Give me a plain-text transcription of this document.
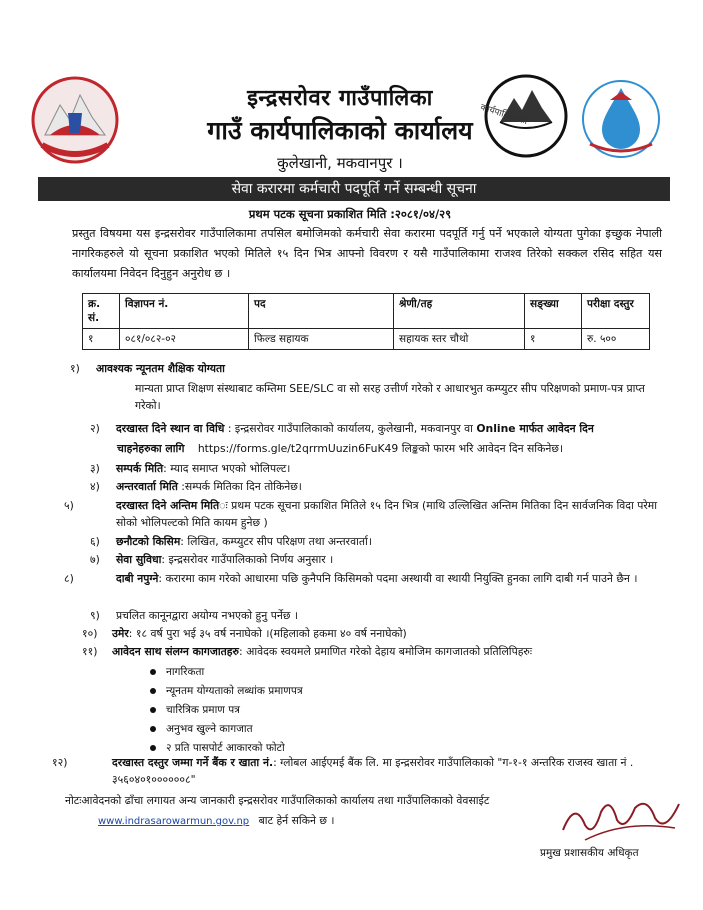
इन्द्रसरोवर गाउँपालिका
गाउँ कार्यपालिकाको कार्यालय
कुलेखानी, मकवानपुर ।
कार्यपालिकाको
सेवा करारमा कर्मचारी पदपूर्ति गर्ने सम्बन्धी सूचना
प्रथम पटक सूचना प्रकाशित मिति :२०८१/०४/२९
प्रस्तुत विषयमा यस इन्द्रसरोवर गाउँपालिकामा तपसिल बमोजिमको कर्मचारी सेवा करारमा पदपूर्ति गर्नु पर्ने भएकाले योग्यता पुगेका इच्छुक नेपाली नागरिकहरुले यो सूचना प्रकाशित भएको मितिले १५ दिन भित्र आफ्नो विवरण र यसै गाउँपालिकामा राजश्व तिरेको सक्कल रसिद सहित यस कार्यालयमा निवेदन दिनुहुन अनुरोध छ ।
क्र. सं.	विज्ञापन नं.	पद	श्रेणी/तह	सङ्ख्या	परीक्षा दस्तुर
१	०८१/०८२-०२	फिल्ड सहायक	सहायक स्तर चौथो	१	रु. ५००
१) आवश्यक न्यूनतम शैक्षिक योग्यता
मान्यता प्राप्त शिक्षण संस्थाबाट कम्तिमा SEE/SLC वा सो सरह उत्तीर्ण गरेको र आधारभुत कम्प्युटर सीप परिक्षणको प्रमाण-पत्र प्राप्त गरेको।
२) दरखास्त दिने स्थान वा विधि : इन्द्रसरोवर गाउँपालिकाको कार्यालय, कुलेखानी, मकवानपुर वा Online मार्फत आवेदन दिन
चाहनेहरुका लागि https://forms.gle/t2qrrmUuzin6FuK49 लिङ्कको फारम भरि आवेदन दिन सकिनेछ।
३) सम्पर्क मिति: म्याद समाप्त भएको भोलिपल्ट।
४) अन्तरवार्ता मिति :सम्पर्क मितिका दिन तोकिनेछ।
५)	दरखास्त दिने अन्तिम मितिः प्रथम पटक सूचना प्रकाशित मितिले १५ दिन भित्र (माथि उल्लिखित अन्तिम मितिका दिन सार्वजनिक विदा परेमा सोको भोलिपल्टको मिति कायम हुनेछ )
६) छनौटको किसिम: लिखित, कम्प्युटर सीप परिक्षण तथा अन्तरवार्ता।
७) सेवा सुविधा: इन्द्रसरोवर गाउँपालिकाको निर्णय अनुसार ।
८)	दाबी नपुग्ने: करारमा काम गरेको आधारमा पछि कुनैपनि किसिमको पदमा अस्थायी वा स्थायी नियुक्ति हुनका लागि दाबी गर्न पाउने छैन ।
९) प्रचलित कानूनद्वारा अयोग्य नभएको हुनु पर्नेछ ।
१०) उमेर: १८ वर्ष पुरा भई ३५ वर्ष ननाघेको ।(महिलाको हकमा ४० वर्ष ननाघेको)
११) आवेदन साथ संलग्न कागजातहरु: आवेदक स्वयमले प्रमाणित गरेको देहाय बमोजिम कागजातको प्रतिलिपिहरुः
नागरिकता
न्यूनतम योग्यताको लब्धांक प्रमाणपत्र
चारित्रिक प्रमाण पत्र
अनुभव खुल्ने कागजात
२ प्रति पासपोर्ट आकारको फोटो
१२)	दरखास्त दस्तुर जम्मा गर्ने बैंक र खाता नं.: ग्लोबल आईएमई बैंक लि. मा इन्द्रसरोवर गाउँपालिकाको "ग-१-१ अन्तरिक राजस्व खाता नं . ३५६०४०१००००००८"
नोटःआवेदनको ढाँचा लगायत अन्य जानकारी इन्द्रसरोवर गाउँपालिकाको कार्यालय तथा गाउँपालिकाको वेवसाईट
www.indrasarowarmun.gov.np बाट हेर्न सकिने छ ।
प्रमुख प्रशासकीय अधिकृत
